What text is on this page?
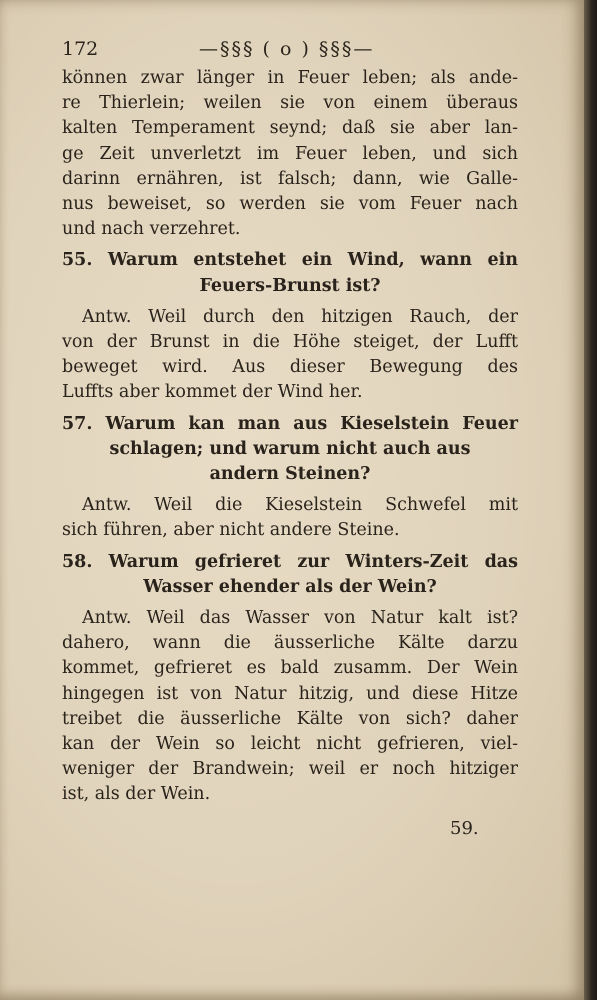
172	—§§§ ( o ) §§§—
können zwar länger in Feuer leben; als ande-
re Thierlein; weilen sie von einem überaus
kalten Temperament seynd; daß sie aber lan-
ge Zeit unverletzt im Feuer leben, und sich
darinn ernähren, ist falsch; dann, wie Galle-
nus beweiset, so werden sie vom Feuer nach
und nach verzehret.
55. Warum entstehet ein Wind, wann ein
Feuers-Brunst ist?
Antw. Weil durch den hitzigen Rauch, der
von der Brunst in die Höhe steiget, der Lufft
beweget wird. Aus dieser Bewegung des
Luffts aber kommet der Wind her.
57. Warum kan man aus Kieselstein Feuer
schlagen; und warum nicht auch aus
andern Steinen?
Antw. Weil die Kieselstein Schwefel mit
sich führen, aber nicht andere Steine.
58. Warum gefrieret zur Winters-Zeit das
Wasser ehender als der Wein?
Antw. Weil das Wasser von Natur kalt ist?
dahero, wann die äusserliche Kälte darzu
kommet, gefrieret es bald zusamm. Der Wein
hingegen ist von Natur hitzig, und diese Hitze
treibet die äusserliche Kälte von sich? daher
kan der Wein so leicht nicht gefrieren, viel-
weniger der Brandwein; weil er noch hitziger
ist, als der Wein.
59.
